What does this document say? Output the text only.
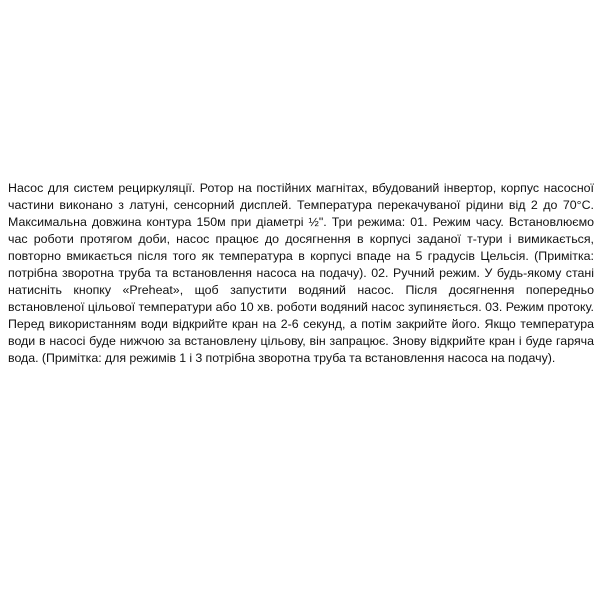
Насос для систем рециркуляції. Ротор на постійних магнітах, вбудований інвертор, корпус насосної частини виконано з латуні, сенсорний дисплей. Температура перекачуваної рідини від 2 до 70°C. Максимальна довжина контура 150м при діаметрі ½". Три режима: 01. Режим часу. Встановлюємо час роботи протягом доби, насос працює до досягнення в корпусі заданої т-тури і вимикається, повторно вмикається після того як температура в корпусі впаде на 5 градусів Цельсія. (Примітка: потрібна зворотна труба та встановлення насоса на подачу). 02. Ручний режим. У будь-якому стані натисніть кнопку «Preheat», щоб запустити водяний насос. Після досягнення попередньо встановленої цільової температури або 10 хв. роботи водяний насос зупиняється. 03. Режим протоку. Перед використанням води відкрийте кран на 2-6 секунд, а потім закрийте його. Якщо температура води в насосі буде нижчою за встановлену цільову, він запрацює. Знову відкрийте кран і буде гаряча вода. (Примітка: для режимів 1 і 3 потрібна зворотна труба та встановлення насоса на подачу).
